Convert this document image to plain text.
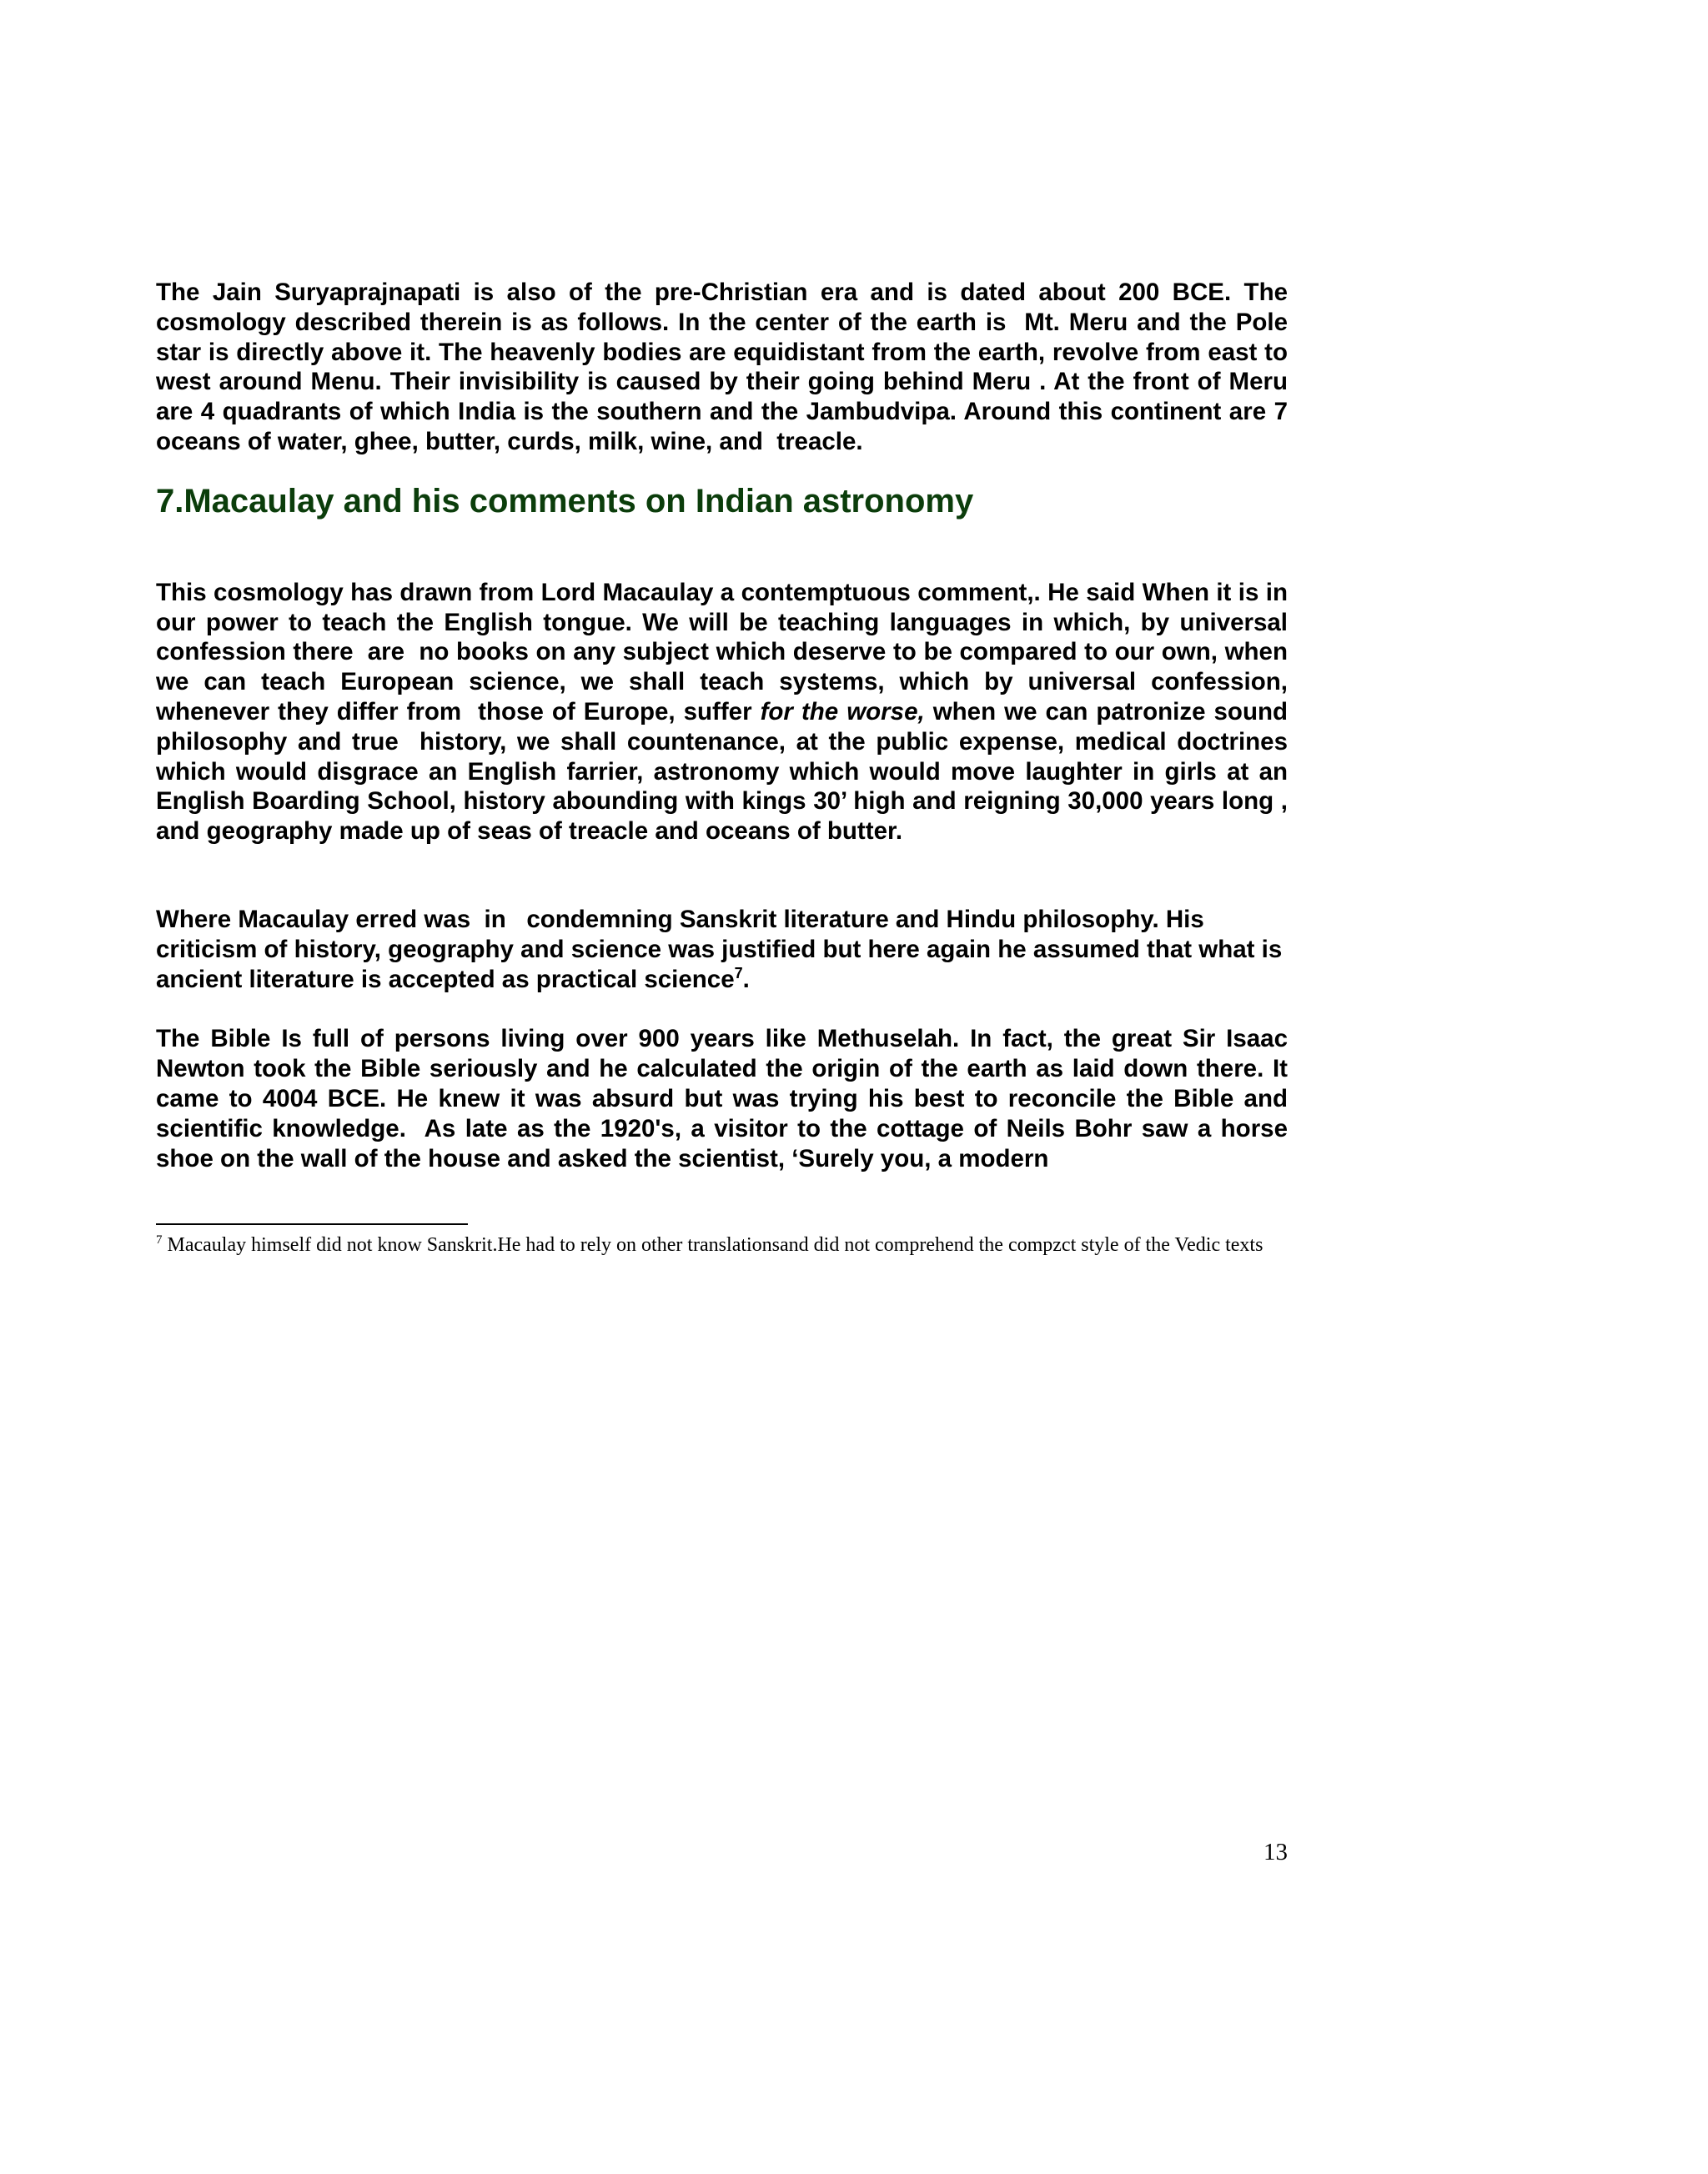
The Jain Suryaprajnapati is also of the pre-Christian era and is dated about 200 BCE. The cosmology described therein is as follows. In the center of the earth is  Mt. Meru and the Pole star is directly above it. The heavenly bodies are equidistant from the earth, revolve from east to west around Menu. Their invisibility is caused by their going behind Meru . At the front of Meru are 4 quadrants of which India is the southern and the Jambudvipa. Around this continent are 7 oceans of water, ghee, butter, curds, milk, wine, and  treacle.

7.Macaulay and his comments on Indian astronomy

This cosmology has drawn from Lord Macaulay a contemptuous comment,. He said When it is in our power to teach the English tongue. We will be teaching languages in which, by universal confession there  are  no books on any subject which deserve to be compared to our own, when we can teach European science, we shall teach systems, which by universal confession, whenever they differ from  those of Europe, suffer for the worse, when we can patronize sound  philosophy and true  history, we shall countenance, at the public expense, medical doctrines which would disgrace an English farrier, astronomy which would move laughter in girls at an English Boarding School, history abounding with kings 30’ high and reigning 30,000 years long , and geography made up of seas of treacle and oceans of butter.

Where Macaulay erred was  in   condemning Sanskrit literature and Hindu philosophy. His criticism of history, geography and science was justified but here again he assumed that what is ancient literature is accepted as practical science$^7$.

The Bible Is full of persons living over 900 years like Methuselah. In fact, the great Sir Isaac Newton took the Bible seriously and he calculated the origin of the earth as laid down there. It came to 4004 BCE. He knew it was absurd but was trying his best to reconcile the Bible and scientific knowledge.  As late as the 1920's, a visitor to the cottage of Neils Bohr saw a horse shoe on the wall of the house and asked the scientist, ‘Surely you, a modern

$^7$ Macaulay himself did not know Sanskrit.He had to rely on other translationsand did not comprehend the compzct style of the Vedic texts

13
